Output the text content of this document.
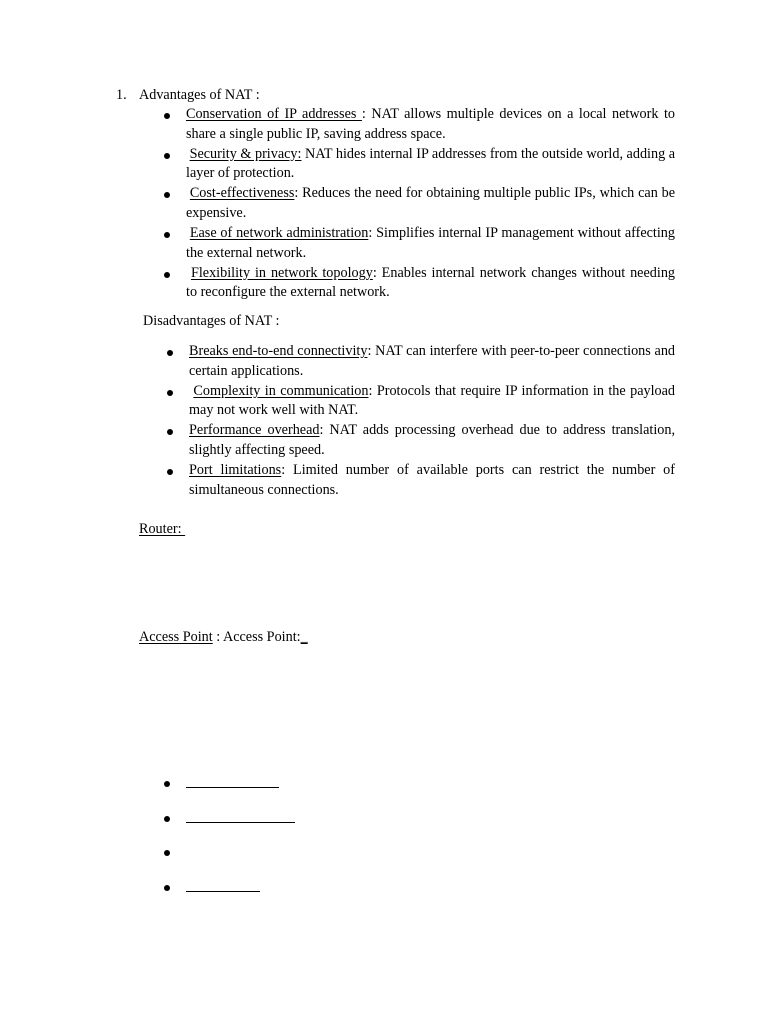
1. Advantages of NAT :

Conservation of IP addresses : NAT allows multiple devices on a local network to share a single public IP, saving address space.
Security & privacy: NAT hides internal IP addresses from the outside world, adding a layer of protection.
Cost-effectiveness: Reduces the need for obtaining multiple public IPs, which can be expensive.
Ease of network administration: Simplifies internal IP management without affecting the external network.
Flexibility in network topology: Enables internal network changes without needing to reconfigure the external network.

Disadvantages of NAT :

Breaks end-to-end connectivity: NAT can interfere with peer-to-peer connections and certain applications.
Complexity in communication: Protocols that require IP information in the payload may not work well with NAT.
Performance overhead: NAT adds processing overhead due to address translation, slightly affecting speed.
Port limitations: Limited number of available ports can restrict the number of simultaneous connections.

Router:

Access Point : Access Point:_
